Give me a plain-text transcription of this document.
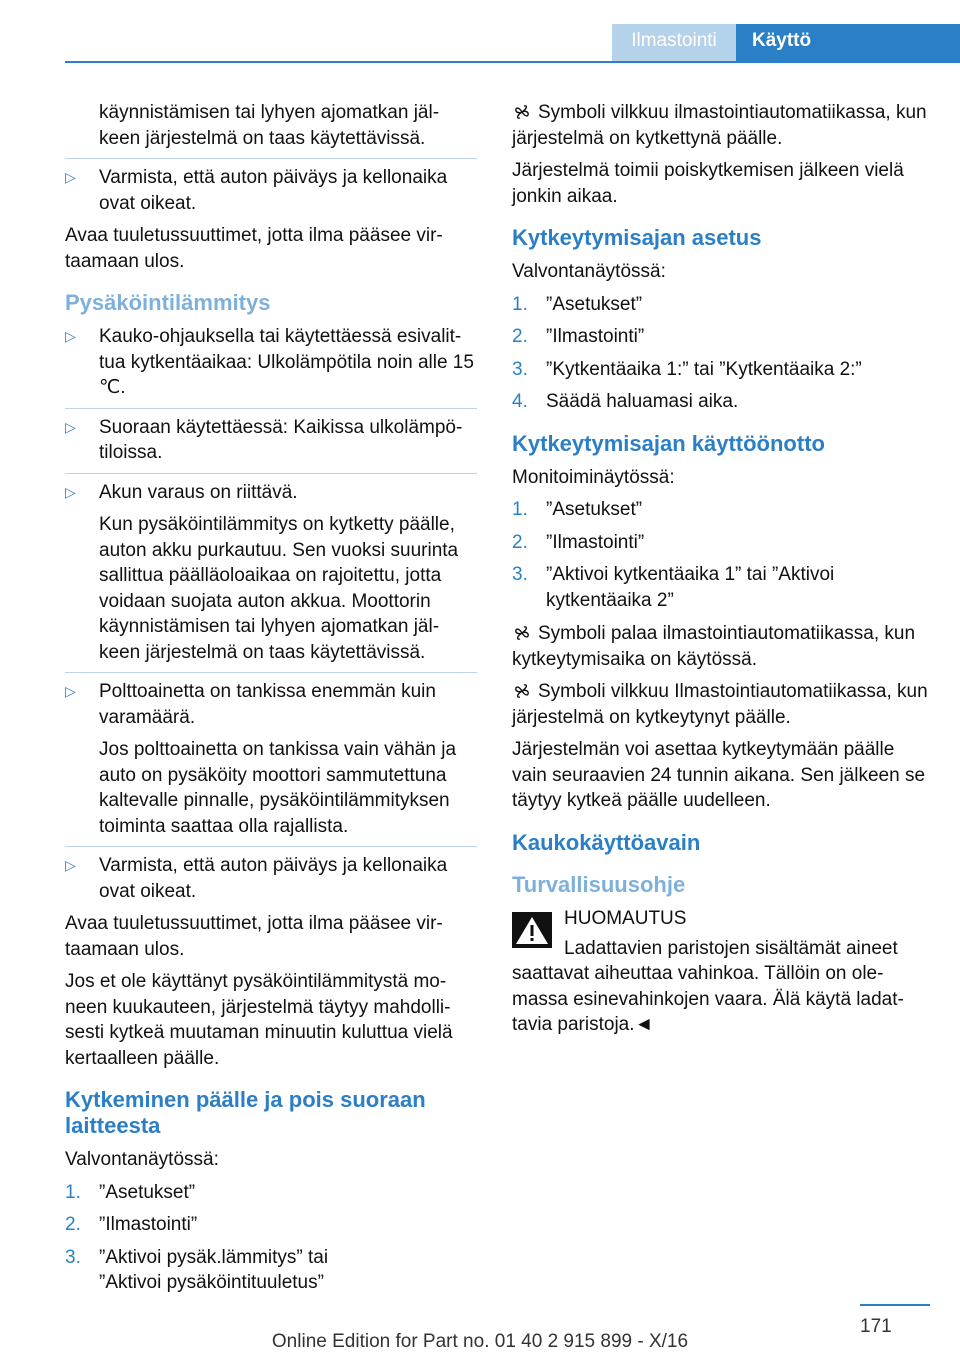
Ilmastointi	Käyttö

käynnistämisen tai lyhyen ajomatkan jäl-
keen järjestelmä on taas käytettävissä.

▷ Varmista, että auton päiväys ja kellonaika ovat oikeat.

Avaa tuuletussuuttimet, jotta ilma pääsee vir-taamaan ulos.

Pysäköintilämmitys
▷ Kauko-ohjauksella tai käytettäessä esivalit-tua kytkentäaikaa: Ulkolämpötila noin alle 15 ℃.
▷ Suoraan käytettäessä: Kaikissa ulkolämpö-tiloissa.
▷ Akun varaus on riittävä.
Kun pysäköintilämmitys on kytketty päälle, auton akku purkautuu. Sen vuoksi suurinta sallittua päälläoloaikaa on rajoitettu, jotta voidaan suojata auton akkua. Moottorin käynnistämisen tai lyhyen ajomatkan jäl-keen järjestelmä on taas käytettävissä.
▷ Polttoainetta on tankissa enemmän kuin varamäärä.
Jos polttoainetta on tankissa vain vähän ja auto on pysäköity moottori sammutettuna kaltevalle pinnalle, pysäköintilämmityksen toiminta saattaa olla rajallista.
▷ Varmista, että auton päiväys ja kellonaika ovat oikeat.

Avaa tuuletussuuttimet, jotta ilma pääsee vir-taamaan ulos.

Jos et ole käyttänyt pysäköintilämmitystä mo-neen kuukauteen, järjestelmä täytyy mahdolli-sesti kytkeä muutaman minuutin kuluttua vielä kertaalleen päälle.

Kytkeminen päälle ja pois suoraan laitteesta

Valvontanäytössä:

1. ”Asetukset”
2. ”Ilmastointi”
3. ”Aktivoi pysäk.lämmitys” tai
”Aktivoi pysäköintituuletus”

Symboli vilkkuu ilmastointiautomatiikassa, kun järjestelmä on kytkettynä päälle.

Järjestelmä toimii poiskytkemisen jälkeen vielä jonkin aikaa.

Kytkeytymisajan asetus

Valvontanäytössä:

1. ”Asetukset”
2. ”Ilmastointi”
3. ”Kytkentäaika 1:” tai ”Kytkentäaika 2:”
4. Säädä haluamasi aika.
Kytkeytymisajan käyttöönotto

Monitoiminäytössä:

1. ”Asetukset”
2. ”Ilmastointi”
3. ”Aktivoi kytkentäaika 1” tai ”Aktivoi kytkentäaika 2”

Symboli palaa ilmastointiautomatiikassa, kun kytkeytymisaika on käytössä.

Symboli vilkkuu Ilmastointiautomatiikassa, kun järjestelmä on kytkeytynyt päälle.

Järjestelmän voi asettaa kytkeytymään päälle vain seuraavien 24 tunnin aikana. Sen jälkeen se täytyy kytkeä päälle uudelleen.

Kaukokäyttöavain
Turvallisuusohje
HUOMAUTUS

Ladattavien paristojen sisältämät aineet saattavat aiheuttaa vahinkoa. Tällöin on ole-massa esinevahinkojen vaara. Älä käytä ladat-tavia paristoja.◄

171
Online Edition for Part no. 01 40 2 915 899 - X/16
